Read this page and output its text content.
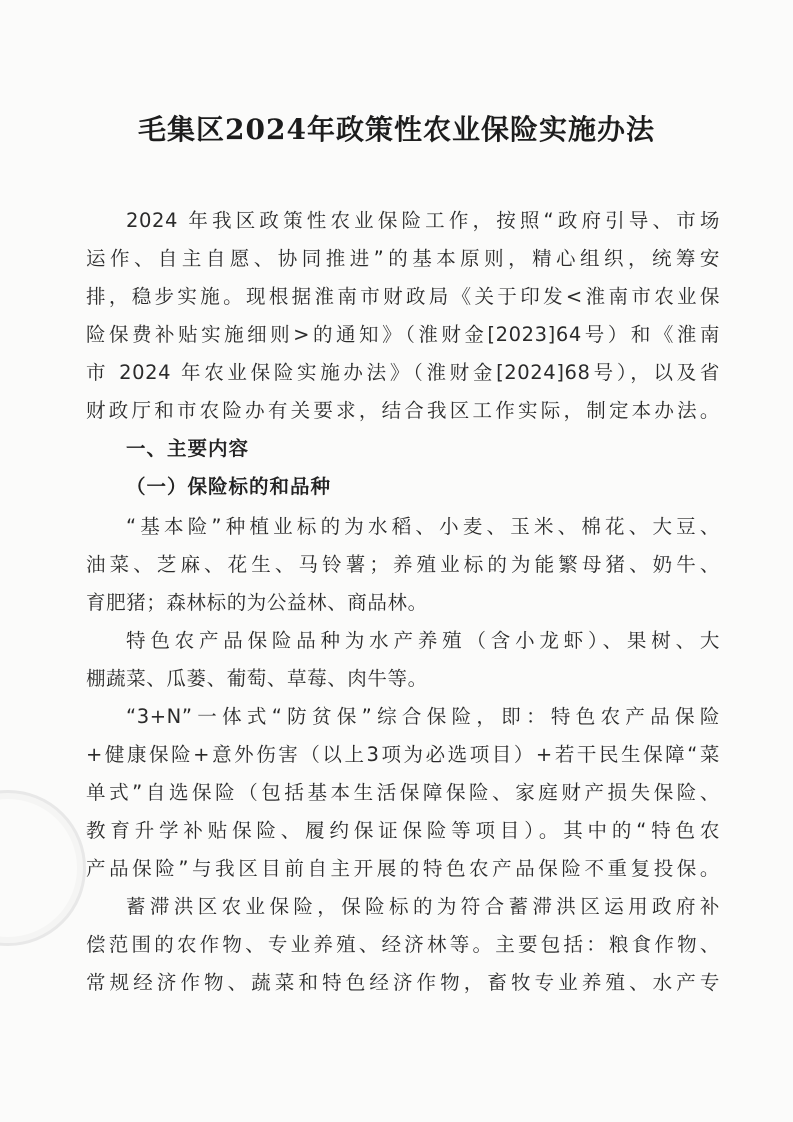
毛集区2024年政策性农业保险实施办法
2024 年我区政策性农业保险工作，按照“政府引导、市场
运作、自主自愿、协同推进”的基本原则，精心组织，统筹安
排，稳步实施。现根据淮南市财政局《关于印发<淮南市农业保
险保费补贴实施细则>的通知》（淮财金[2023]64号）和《淮南
市 2024 年农业保险实施办法》（淮财金[2024]68号），以及省
财政厅和市农险办有关要求，结合我区工作实际，制定本办法。
一、主要内容
（一）保险标的和品种
“基本险”种植业标的为水稻、小麦、玉米、棉花、大豆、
油菜、芝麻、花生、马铃薯；养殖业标的为能繁母猪、奶牛、
育肥猪；森林标的为公益林、商品林。
特色农产品保险品种为水产养殖（含小龙虾）、果树、大
棚蔬菜、瓜蒌、葡萄、草莓、肉牛等。
“3+N”一体式“防贫保”综合保险，即：特色农产品保险
+健康保险+意外伤害（以上3项为必选项目）+若干民生保障“菜
单式”自选保险（包括基本生活保障保险、家庭财产损失保险、
教育升学补贴保险、履约保证保险等项目）。其中的“特色农
产品保险”与我区目前自主开展的特色农产品保险不重复投保。
蓄滞洪区农业保险，保险标的为符合蓄滞洪区运用政府补
偿范围的农作物、专业养殖、经济林等。主要包括：粮食作物、
常规经济作物、蔬菜和特色经济作物，畜牧专业养殖、水产专
